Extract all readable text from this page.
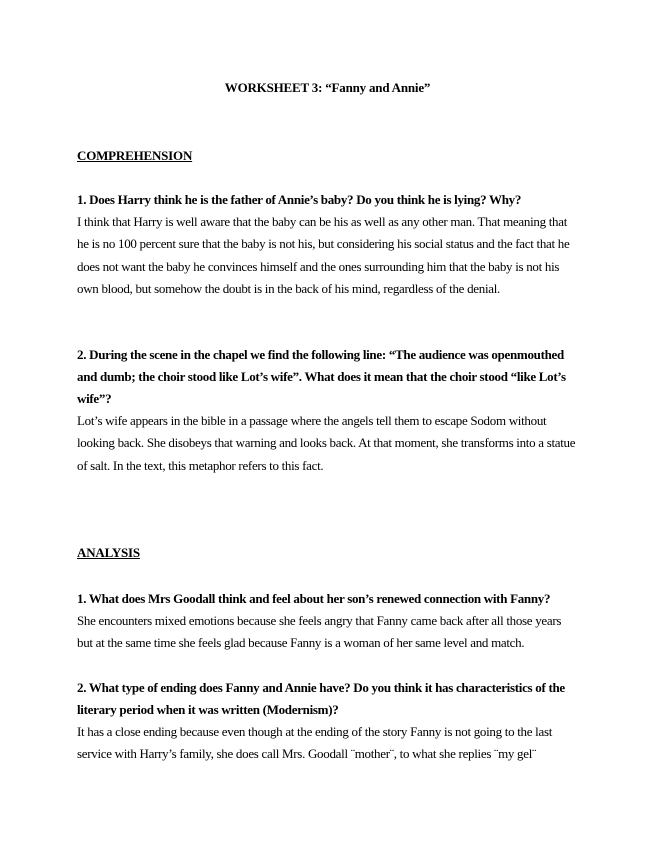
WORKSHEET 3: “Fanny and Annie”
COMPREHENSION
1. Does Harry think he is the father of Annie’s baby? Do you think he is lying? Why?
I think that Harry is well aware that the baby can be his as well as any other man. That meaning that he is no 100 percent sure that the baby is not his, but considering his social status and the fact that he does not want the baby he convinces himself and the ones surrounding him that the baby is not his own blood, but somehow the doubt is in the back of his mind, regardless of the denial.
2. During the scene in the chapel we find the following line: “The audience was openmouthed and dumb; the choir stood like Lot’s wife”. What does it mean that the choir stood “like Lot’s wife”?
Lot’s wife appears in the bible in a passage where the angels tell them to escape Sodom without looking back. She disobeys that warning and looks back. At that moment, she transforms into a statue of salt. In the text, this metaphor refers to this fact.
ANALYSIS
1. What does Mrs Goodall think and feel about her son’s renewed connection with Fanny?
She encounters mixed emotions because she feels angry that Fanny came back after all those years but at the same time she feels glad because Fanny is a woman of her same level and match.
2. What type of ending does Fanny and Annie have? Do you think it has characteristics of the literary period when it was written (Modernism)?
It has a close ending because even though at the ending of the story Fanny is not going to the last service with Harry’s family, she does call Mrs. Goodall ¨mother¨, to what she replies ¨my gel¨
